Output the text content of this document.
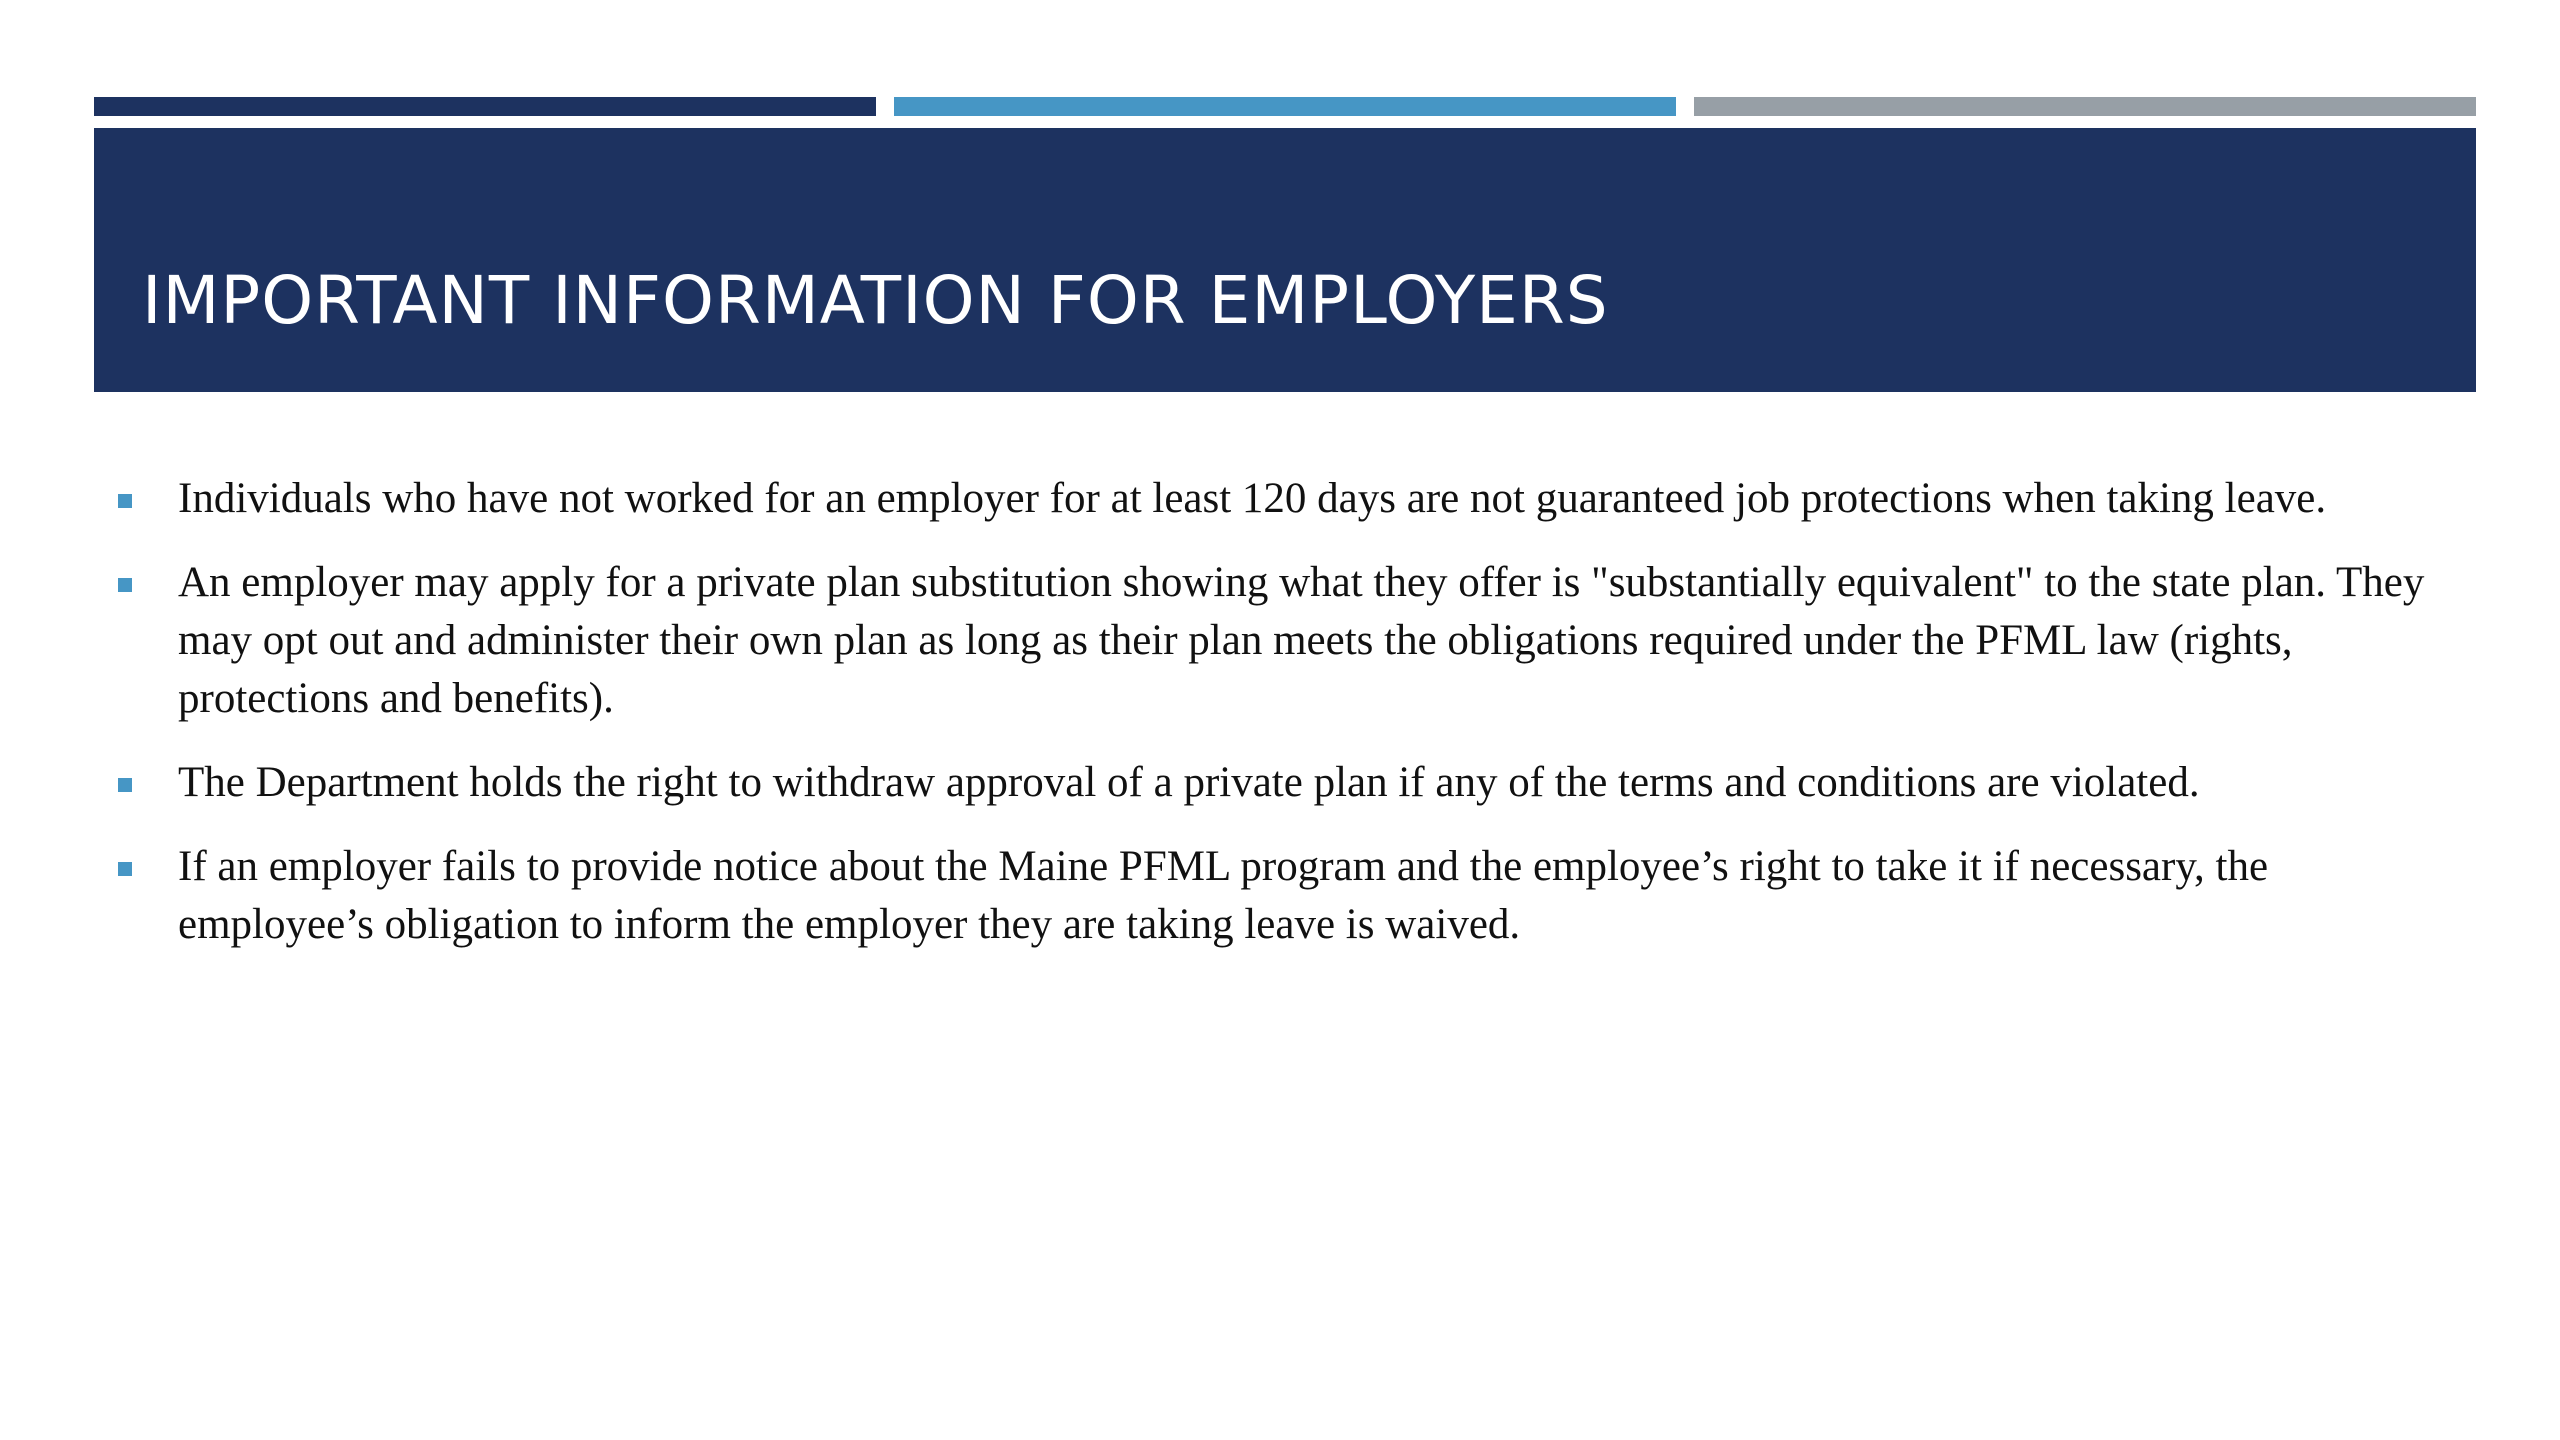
IMPORTANT INFORMATION FOR EMPLOYERS
Individuals who have not worked for an employer for at least 120 days are not guaranteed job protections when taking leave.
An employer may apply for a private plan substitution showing what they offer is "substantially equivalent" to the state plan. They may opt out and administer their own plan as long as their plan meets the obligations required under the PFML law (rights, protections and benefits).
The Department holds the right to withdraw approval of a private plan if any of the terms and conditions are violated.
If an employer fails to provide notice about the Maine PFML program and the employee’s right to take it if necessary, the employee’s obligation to inform the employer they are taking leave is waived.
